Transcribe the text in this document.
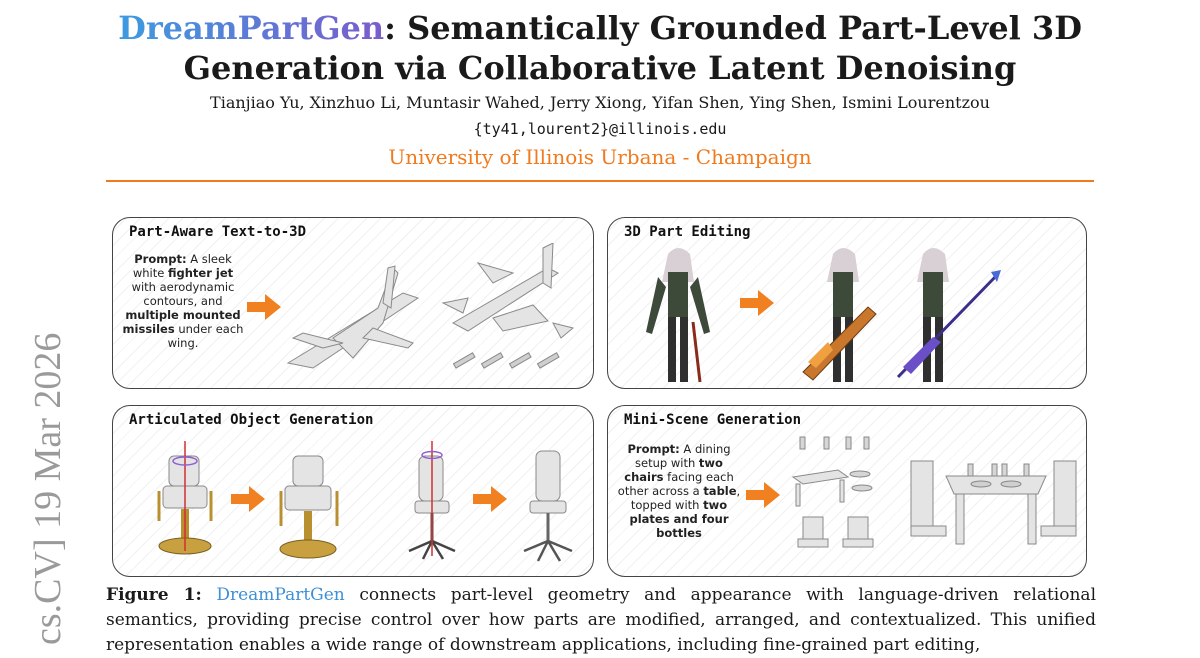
DreamPartGen: Semantically Grounded Part-Level 3D
Generation via Collaborative Latent Denoising
Tianjiao Yu, Xinzhuo Li, Muntasir Wahed, Jerry Xiong, Yifan Shen, Ying Shen, Ismini Lourentzou
{ty41,lourent2}@illinois.edu
University of Illinois Urbana - Champaign
cs.CV] 19 Mar 2026
Part-Aware Text-to-3D
Prompt: A sleek white fighter jet with aerodynamic contours, and multiple mounted missiles under each wing.
3D Part Editing
Articulated Object Generation	Mini-Scene Generation
Prompt: A dining setup with two chairs facing each other across a table, topped with two plates and four bottles
Figure 1: DreamPartGen connects part-level geometry and appearance with language-driven relational semantics, providing precise control over how parts are modified, arranged, and contextualized. This unified representation enables a wide range of downstream applications, including fine-grained part editing,
